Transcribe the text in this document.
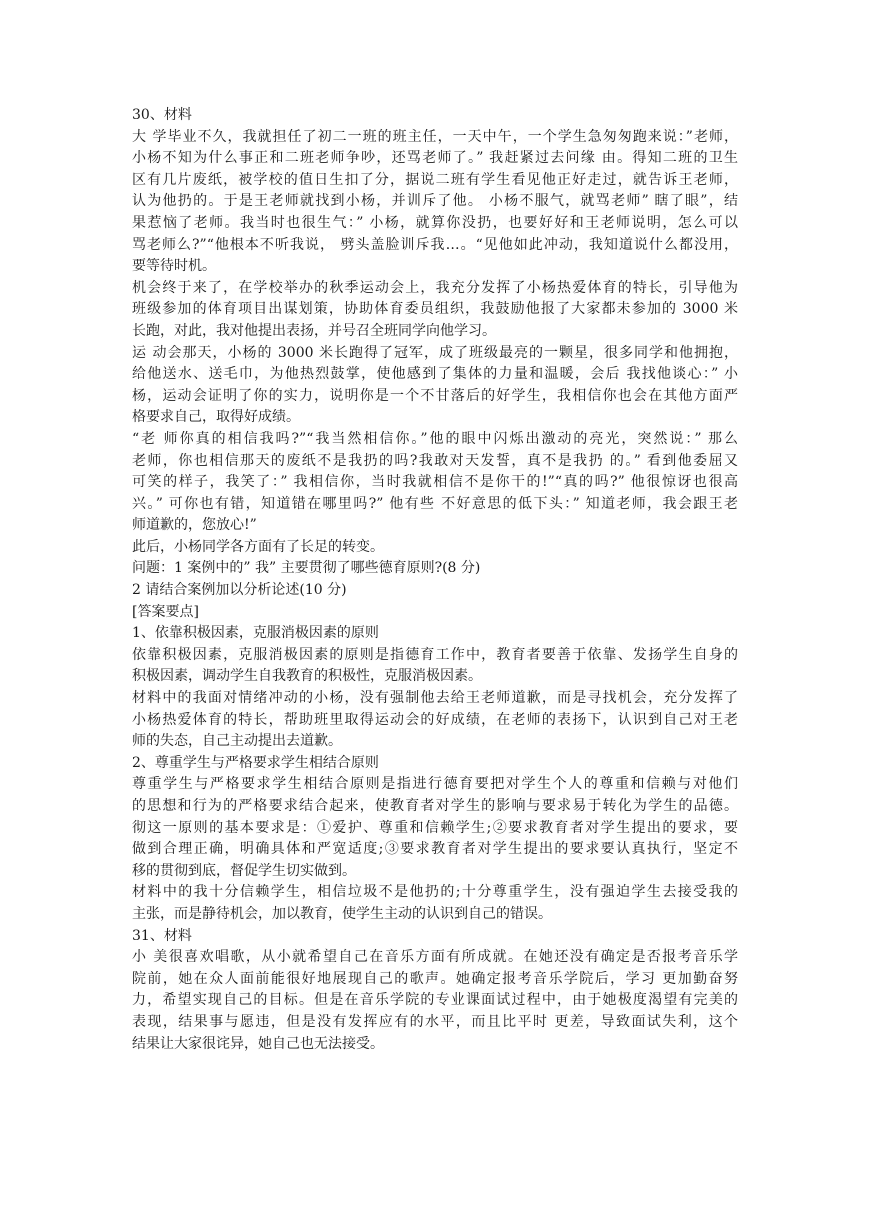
30、材料
大 学毕业不久，我就担任了初二一班的班主任，一天中午，一个学生急匆匆跑来说：”老师，
小杨不知为什么事正和二班老师争吵，还骂老师了。” 我赶紧过去问缘 由。得知二班的卫生
区有几片废纸，被学校的值日生扣了分，据说二班有学生看见他正好走过，就告诉王老师，
认为他扔的。于是王老师就找到小杨，并训斥了他。 小杨不服气，就骂老师” 瞎了眼”，结
果惹恼了老师。我当时也很生气：” 小杨，就算你没扔，也要好好和王老师说明，怎么可以
骂老师么?”“他根本不听我说， 劈头盖脸训斥我…。“见他如此冲动，我知道说什么都没用，
要等待时机。
机会终于来了，在学校举办的秋季运动会上，我充分发挥了小杨热爱体育的特长，引导他为
班级参加的体育项目出谋划策，协助体育委员组织，我鼓励他报了大家都未参加的 3000 米
长跑，对此，我对他提出表扬，并号召全班同学向他学习。
运 动会那天，小杨的 3000 米长跑得了冠军，成了班级最亮的一颗星，很多同学和他拥抱，
给他送水、送毛巾，为他热烈鼓掌，使他感到了集体的力量和温暖，会后 我找他谈心：” 小
杨，运动会证明了你的实力，说明你是一个不甘落后的好学生，我相信你也会在其他方面严
格要求自己，取得好成绩。
“老 师你真的相信我吗?”“我当然相信你。”他的眼中闪烁出激动的亮光，突然说：” 那么
老师，你也相信那天的废纸不是我扔的吗?我敢对天发誓，真不是我扔 的。” 看到他委屈又
可笑的样子，我笑了：” 我相信你，当时我就相信不是你干的!”“真的吗?” 他很惊讶也很高
兴。” 可你也有错，知道错在哪里吗?” 他有些 不好意思的低下头：” 知道老师，我会跟王老
师道歉的，您放心!”
此后，小杨同学各方面有了长足的转变。
问题：1 案例中的” 我” 主要贯彻了哪些德育原则?(8 分)
2 请结合案例加以分析论述(10 分)
[答案要点]
1、依靠积极因素，克服消极因素的原则
依靠积极因素，克服消极因素的原则是指德育工作中，教育者要善于依靠、发扬学生自身的
积极因素，调动学生自我教育的积极性，克服消极因素。
材料中的我面对情绪冲动的小杨，没有强制他去给王老师道歉，而是寻找机会，充分发挥了
小杨热爱体育的特长，帮助班里取得运动会的好成绩，在老师的表扬下，认识到自己对王老
师的失态，自己主动提出去道歉。
2、尊重学生与严格要求学生相结合原则
尊重学生与严格要求学生相结合原则是指进行德育要把对学生个人的尊重和信赖与对他们
的思想和行为的严格要求结合起来，使教育者对学生的影响与要求易于转化为学生的品德。
彻这一原则的基本要求是：①爱护、尊重和信赖学生;②要求教育者对学生提出的要求，要
做到合理正确，明确具体和严宽适度;③要求教育者对学生提出的要求要认真执行，坚定不
移的贯彻到底，督促学生切实做到。
材料中的我十分信赖学生，相信垃圾不是他扔的;十分尊重学生，没有强迫学生去接受我的
主张，而是静待机会，加以教育，使学生主动的认识到自己的错误。
31、材料
小 美很喜欢唱歌，从小就希望自己在音乐方面有所成就。在她还没有确定是否报考音乐学
院前，她在众人面前能很好地展现自己的歌声。她确定报考音乐学院后，学习 更加勤奋努
力，希望实现自己的目标。但是在音乐学院的专业课面试过程中，由于她极度渴望有完美的
表现，结果事与愿违，但是没有发挥应有的水平，而且比平时 更差，导致面试失利，这个
结果让大家很诧异，她自己也无法接受。
